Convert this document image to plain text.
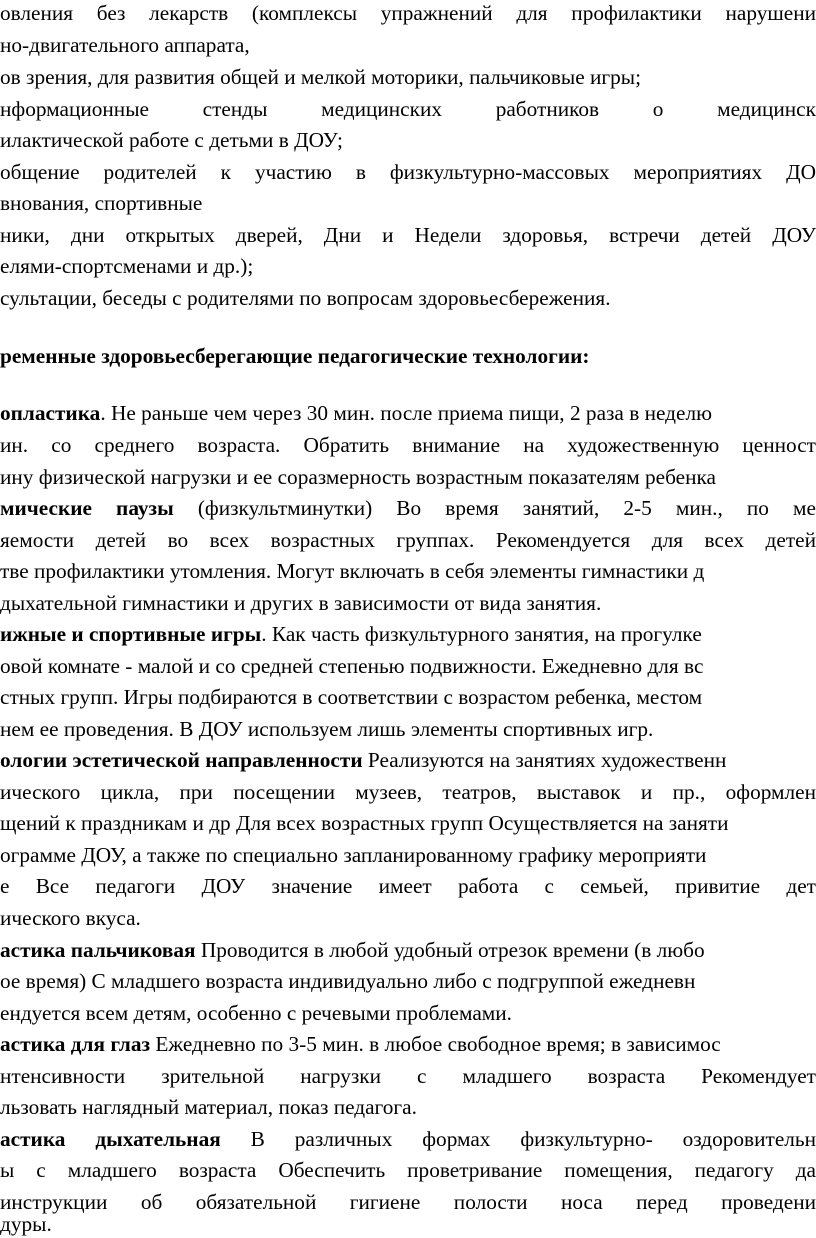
овления без лекарств (комплексы упражнений для профилактики нарушени
но-двигательного аппарата,
ов зрения, для развития общей и мелкой моторики, пальчиковые игры;
нформационные стенды медицинских работников о медицинск
илактической работе с детьми в ДОУ;
общение родителей к участию в физкультурно-массовых мероприятиях ДО
внования, спортивные
ники, дни открытых дверей, Дни и Недели здоровья, встречи детей ДОУ
елями-спортсменами и др.);
сультации, беседы с родителями по вопросам здоровьесбережения.
ременные здоровьесберегающие педагогические технологии:
опластика. Не раньше чем через 30 мин. после приема пищи, 2 раза в неделю
ин. со среднего возраста. Обратить внимание на художественную ценност
ину физической нагрузки и ее соразмерность возрастным показателям ребенка
мические паузы (физкультминутки) Во время занятий, 2-5 мин., по ме
яемости детей во всех возрастных группах. Рекомендуется для всех детей
тве профилактики утомления. Могут включать в себя элементы гимнастики д
дыхательной гимнастики и других в зависимости от вида занятия.
ижные и спортивные игры. Как часть физкультурного занятия, на прогулке
овой комнате - малой и со средней степенью подвижности. Ежедневно для вс
стных групп. Игры подбираются в соответствии с возрастом ребенка, местом
нем ее проведения. В ДОУ используем лишь элементы спортивных игр.
ологии эстетической направленности Реализуются на занятиях художественн
ического цикла, при посещении музеев, театров, выставок и пр., оформлен
щений к праздникам и др Для всех возрастных групп Осуществляется на заняти
ограмме ДОУ, а также по специально запланированному графику мероприяти
е Все педагоги ДОУ значение имеет работа с семьей, привитие дет
ического вкуса.
астика пальчиковая Проводится в любой удобный отрезок времени (в любо
ое время) С младшего возраста индивидуально либо с подгруппой ежедневн
ендуется всем детям, особенно с речевыми проблемами.
астика для глаз Ежедневно по 3-5 мин. в любое свободное время; в зависимос
нтенсивности зрительной нагрузки с младшего возраста Рекомендует
льзовать наглядный материал, показ педагога.
астика дыхательная В различных формах физкультурно- оздоровительн
ы с младшего возраста Обеспечить проветривание помещения, педагогу да
инструкции об обязательной гигиене полости носа перед проведени
дуры.
